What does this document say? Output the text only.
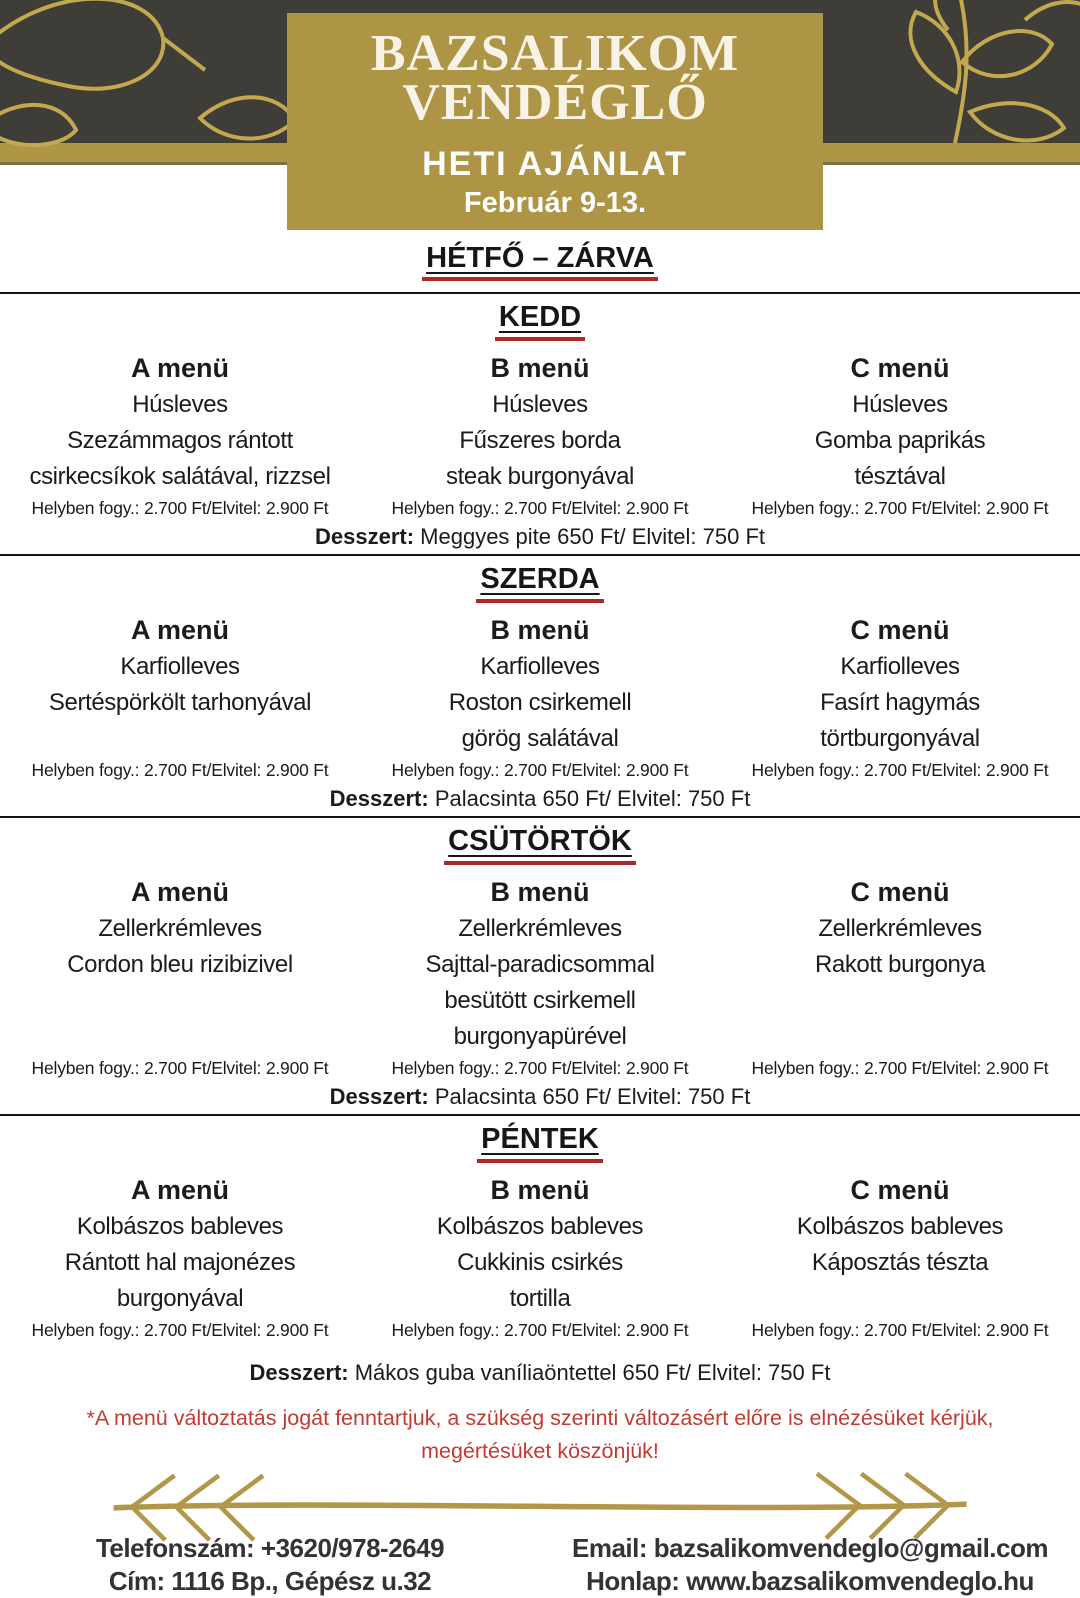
BAZSALIKOM
VENDÉGLŐ
HETI AJÁNLAT
Február 9-13.
HÉTFŐ – ZÁRVA
KEDD
A menü
Húsleves
Szezámmagos rántott
csirkecsíkok salátával, rizzsel
Helyben fogy.: 2.700 Ft/Elvitel: 2.900 Ft
B menü
Húsleves
Fűszeres borda
steak burgonyával
Helyben fogy.: 2.700 Ft/Elvitel: 2.900 Ft
C menü
Húsleves
Gomba paprikás
tésztával
Helyben fogy.: 2.700 Ft/Elvitel: 2.900 Ft
Desszert: Meggyes pite 650 Ft/ Elvitel: 750 Ft
SZERDA
A menü
Karfiolleves
Sertéspörkölt tarhonyával
Helyben fogy.: 2.700 Ft/Elvitel: 2.900 Ft
B menü
Karfiolleves
Roston csirkemell
görög salátával
Helyben fogy.: 2.700 Ft/Elvitel: 2.900 Ft
C menü
Karfiolleves
Fasírt hagymás
törtburgonyával
Helyben fogy.: 2.700 Ft/Elvitel: 2.900 Ft
Desszert: Palacsinta 650 Ft/ Elvitel: 750 Ft
CSÜTÖRTÖK
A menü
Zellerkrémleves
Cordon bleu rizibizivel
Helyben fogy.: 2.700 Ft/Elvitel: 2.900 Ft
B menü
Zellerkrémleves
Sajttal-paradicsommal
besütött csirkemell
burgonyapürével
Helyben fogy.: 2.700 Ft/Elvitel: 2.900 Ft
C menü
Zellerkrémleves
Rakott burgonya
Helyben fogy.: 2.700 Ft/Elvitel: 2.900 Ft
Desszert: Palacsinta 650 Ft/ Elvitel: 750 Ft
PÉNTEK
A menü
Kolbászos bableves
Rántott hal majonézes
burgonyával
Helyben fogy.: 2.700 Ft/Elvitel: 2.900 Ft
B menü
Kolbászos bableves
Cukkinis csirkés
tortilla
Helyben fogy.: 2.700 Ft/Elvitel: 2.900 Ft
C menü
Kolbászos bableves
Káposztás tészta
Helyben fogy.: 2.700 Ft/Elvitel: 2.900 Ft
Desszert: Mákos guba vaníliaöntettel 650 Ft/ Elvitel: 750 Ft
*A menü változtatás jogát fenntartjuk, a szükség szerinti változásért előre is elnézésüket kérjük,
megértésüket köszönjük!
Telefonszám: +3620/978-2649	Email: bazsalikomvendeglo@gmail.com
Cím: 1116 Bp., Gépész u.32	Honlap: www.bazsalikomvendeglo.hu
